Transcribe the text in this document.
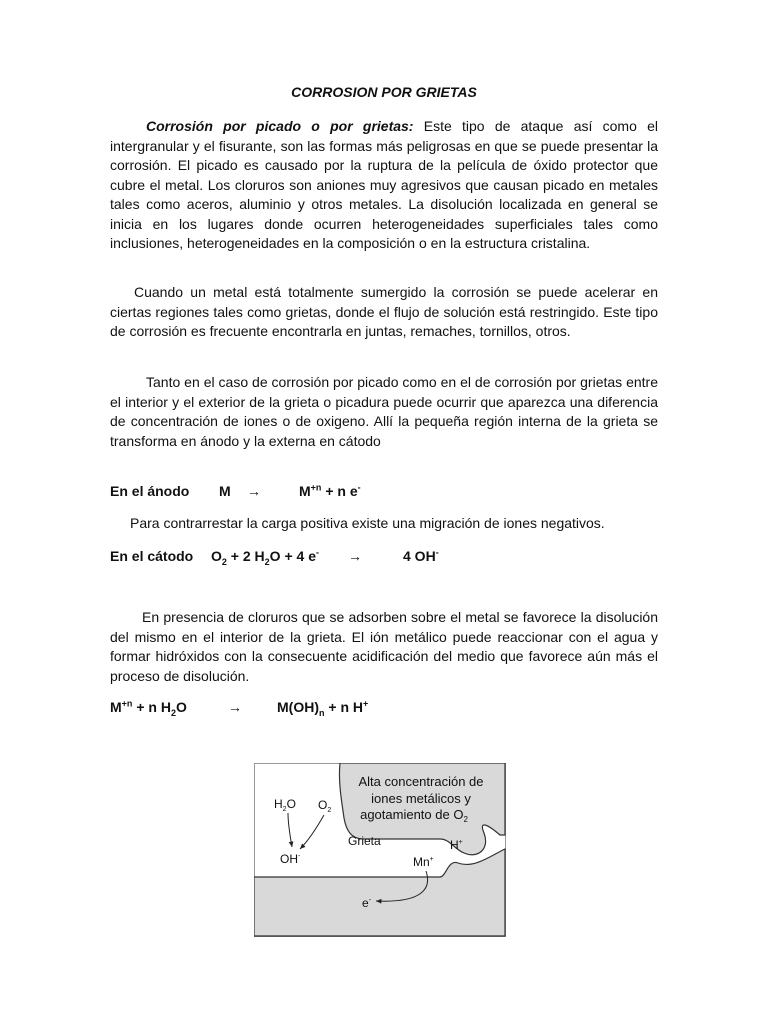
CORROSION POR GRIETAS

Corrosión por picado o por grietas: Este tipo de ataque así como el intergranular y el fisurante, son las formas más peligrosas en que se puede presentar la corrosión. El picado es causado por la ruptura de la película de óxido protector que cubre el metal. Los cloruros son aniones muy agresivos que causan picado en metales tales como aceros, aluminio y otros metales. La disolución localizada en general se inicia en los lugares donde ocurren heterogeneidades superficiales tales como inclusiones, heterogeneidades en la composición o en la estructura cristalina.

Cuando un metal está totalmente sumergido la corrosión se puede acelerar en ciertas regiones tales como grietas, donde el flujo de solución está restringido. Este tipo de corrosión es frecuente encontrarla en juntas, remaches, tornillos, otros.

Tanto en el caso de corrosión por picado como en el de corrosión por grietas entre el interior y el exterior de la grieta o picadura puede ocurrir que aparezca una diferencia de concentración de iones o de oxigeno. Allí la pequeña región interna de la grieta se transforma en ánodo y la externa en cátodo

En el ánodo M →	$M^{+n} + n$ e-

Para contrarrestar la carga positiva existe una migración de iones negativos.

En el cátodo $O_2 + 2$ $H_2O + 4$ e- →	4 OH-

En presencia de cloruros que se adsorben sobre el metal se favorece la disolución del mismo en el interior de la grieta. El ión metálico puede reaccionar con el agua y formar hidróxidos con la consecuente acidificación del medio que favorece aún más el proceso de disolución.

$M^{+n} + n$ $H_2O$	→	$M(OH)_n + n$ H+
Alta concentración de
iones metálicos y
agotamiento de $O_2$
$H_2O$ $O_2$
Grieta	H+
OH-	Mn+
e-
